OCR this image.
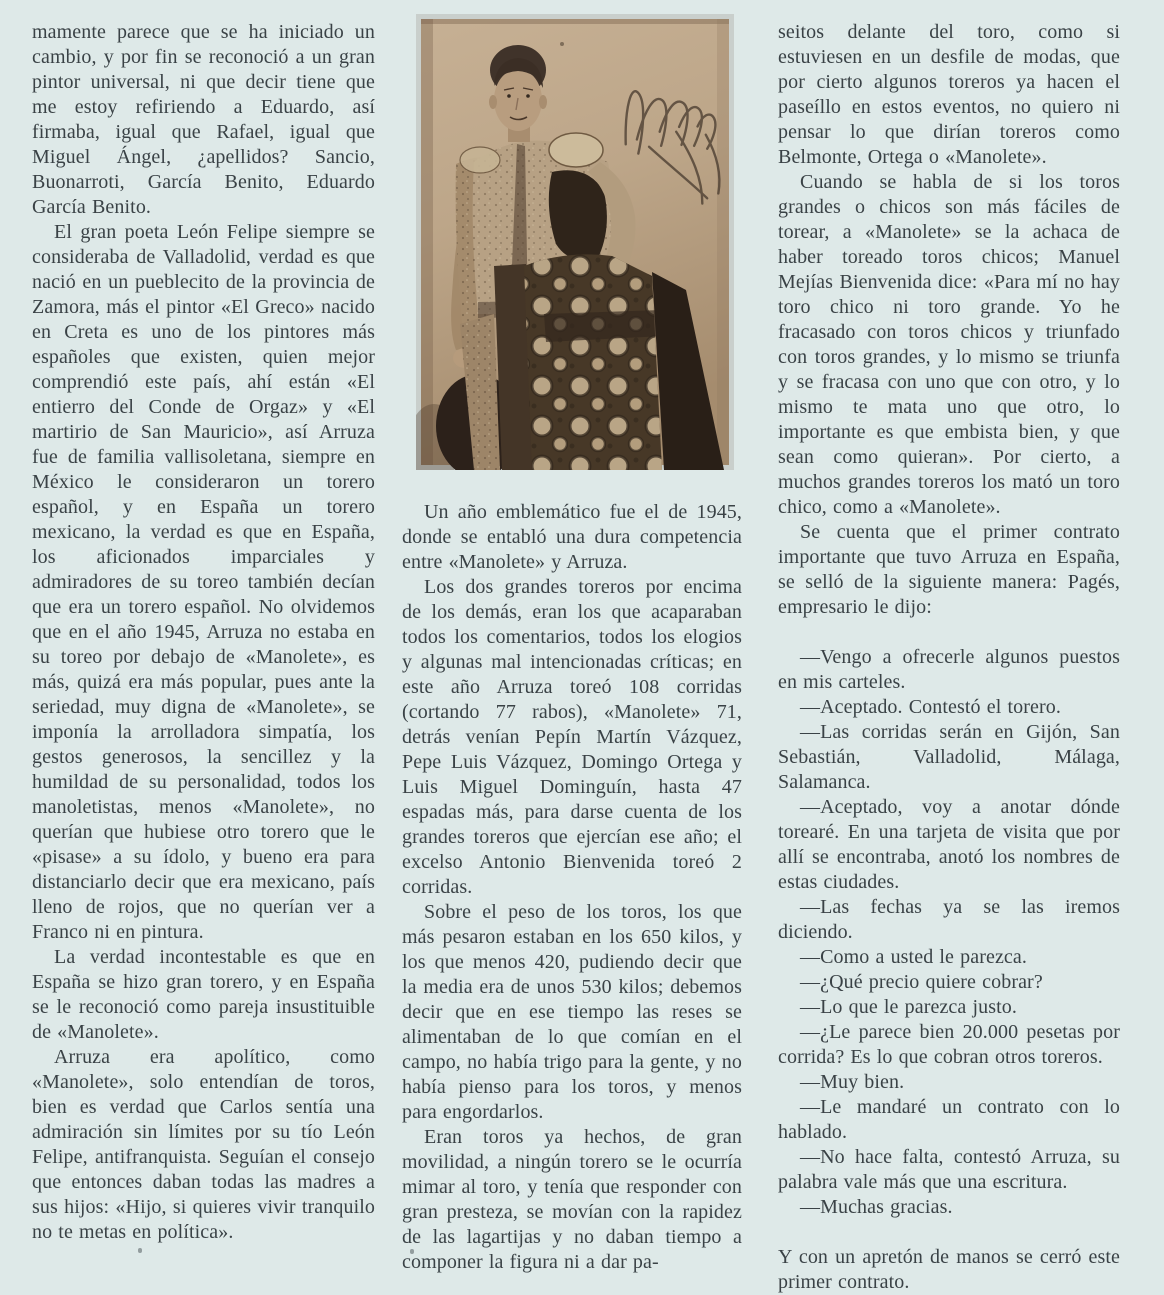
mamente parece que se ha iniciado un cambio, y por fin se reconoció a un gran pintor universal, ni que decir tiene que me estoy refiriendo a Eduardo, así firmaba, igual que Rafael, igual que Miguel Ángel, ¿apellidos? Sancio, Buonarroti, García Benito, Eduardo García Benito.

El gran poeta León Felipe siempre se consideraba de Valladolid, verdad es que nació en un pueblecito de la provincia de Zamora, más el pintor «El Greco» nacido en Creta es uno de los pintores más españoles que existen, quien mejor comprendió este país, ahí están «El entierro del Conde de Orgaz» y «El martirio de San Mauricio», así Arruza fue de familia vallisoletana, siempre en México le consideraron un torero español, y en España un torero mexicano, la verdad es que en España, los aficionados imparciales y admiradores de su toreo también decían que era un torero español. No olvidemos que en el año 1945, Arruza no estaba en su toreo por debajo de «Manolete», es más, quizá era más popular, pues ante la seriedad, muy digna de «Manolete», se imponía la arrolladora simpatía, los gestos generosos, la sencillez y la humildad de su personalidad, todos los manoletistas, menos «Manolete», no querían que hubiese otro torero que le «pisase» a su ídolo, y bueno era para distanciarlo decir que era mexicano, país lleno de rojos, que no querían ver a Franco ni en pintura.

La verdad incontestable es que en España se hizo gran torero, y en España se le reconoció como pareja insustituible de «Manolete».

Arruza era apolítico, como «Manolete», solo entendían de toros, bien es verdad que Carlos sentía una admiración sin límites por su tío León Felipe, antifranquista. Seguían el consejo que entonces daban todas las madres a sus hijos: «Hijo, si quieres vivir tranquilo no te metas en política».

Un año emblemático fue el de 1945, donde se entabló una dura competencia entre «Manolete» y Arruza.

Los dos grandes toreros por encima de los demás, eran los que acaparaban todos los comentarios, todos los elogios y algunas mal intencionadas críticas; en este año Arruza toreó 108 corridas (cortando 77 rabos), «Manolete» 71, detrás venían Pepín Martín Vázquez, Pepe Luis Vázquez, Domingo Ortega y Luis Miguel Dominguín, hasta 47 espadas más, para darse cuenta de los grandes toreros que ejercían ese año; el excelso Antonio Bienvenida toreó 2 corridas.

Sobre el peso de los toros, los que más pesaron estaban en los 650 kilos, y los que menos 420, pudiendo decir que la media era de unos 530 kilos; debemos decir que en ese tiempo las reses se alimentaban de lo que comían en el campo, no había trigo para la gente, y no había pienso para los toros, y menos para engordarlos.

Eran toros ya hechos, de gran movilidad, a ningún torero se le ocurría mimar al toro, y tenía que responder con gran presteza, se movían con la rapidez de las lagartijas y no daban tiempo a componer la figura ni a dar pa-

seitos delante del toro, como si estuviesen en un desfile de modas, que por cierto algunos toreros ya hacen el paseíllo en estos eventos, no quiero ni pensar lo que dirían toreros como Belmonte, Ortega o «Manolete».

Cuando se habla de si los toros grandes o chicos son más fáciles de torear, a «Manolete» se la achaca de haber toreado toros chicos; Manuel Mejías Bienvenida dice: «Para mí no hay toro chico ni toro grande. Yo he fracasado con toros chicos y triunfado con toros grandes, y lo mismo se triunfa y se fracasa con uno que con otro, y lo mismo te mata uno que otro, lo importante es que embista bien, y que sean como quieran». Por cierto, a muchos grandes toreros los mató un toro chico, como a «Manolete».

Se cuenta que el primer contrato importante que tuvo Arruza en España, se selló de la siguiente manera: Pagés, empresario le dijo:

—Vengo a ofrecerle algunos puestos en mis carteles.

—Aceptado. Contestó el torero.

—Las corridas serán en Gijón, San Sebastián, Valladolid, Málaga, Salamanca.

—Aceptado, voy a anotar dónde torearé. En una tarjeta de visita que por allí se encontraba, anotó los nombres de estas ciudades.

—Las fechas ya se las iremos diciendo.

—Como a usted le parezca.

—¿Qué precio quiere cobrar?

—Lo que le parezca justo.

—¿Le parece bien 20.000 pesetas por corrida? Es lo que cobran otros toreros.

—Muy bien.

—Le mandaré un contrato con lo hablado.

—No hace falta, contestó Arruza, su palabra vale más que una escritura.

—Muchas gracias.

Y con un apretón de manos se cerró este primer contrato.
